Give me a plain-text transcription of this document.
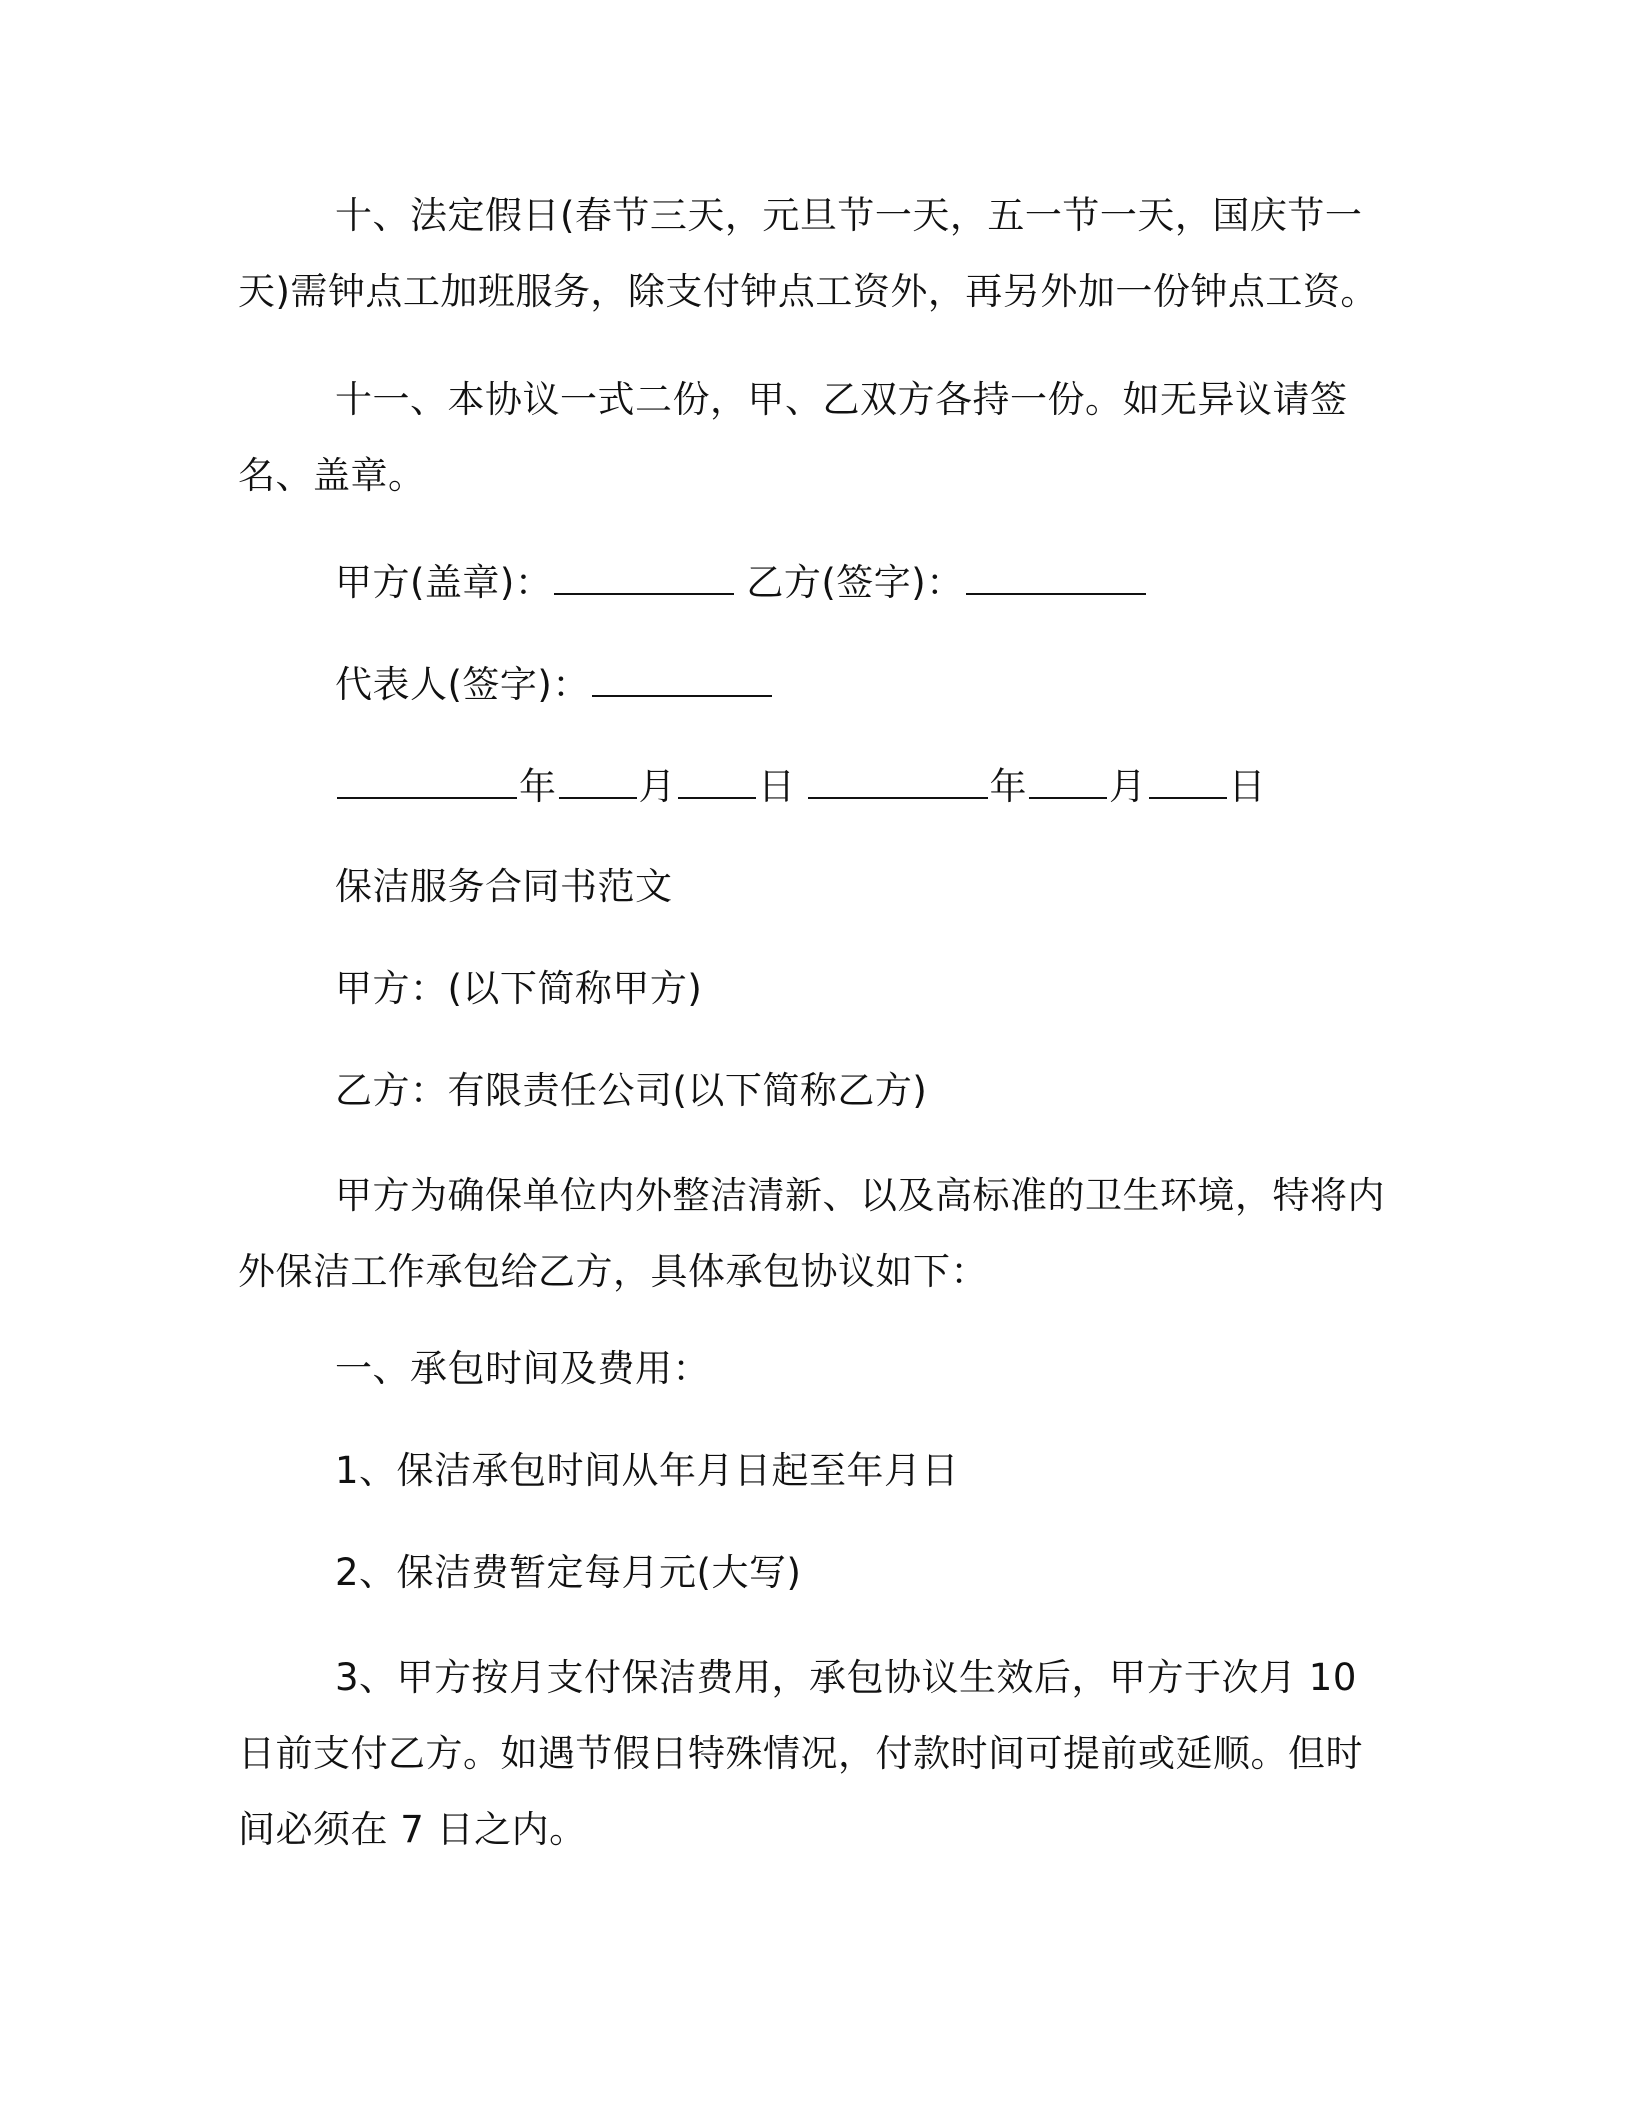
十、法定假日(春节三天，元旦节一天，五一节一天，国庆节一天)需钟点工加班服务，除支付钟点工资外，再另外加一份钟点工资。

十一、本协议一式二份，甲、乙双方各持一份。如无异议请签名、盖章。

甲方(盖章)：	乙方(签字)：
代表人(签字)：
年 月 日	年 月 日
保洁服务合同书范文
甲方：(以下简称甲方)
乙方：有限责任公司(以下简称乙方)

甲方为确保单位内外整洁清新、以及高标准的卫生环境，特将内外保洁工作承包给乙方，具体承包协议如下：

一、承包时间及费用：
1、保洁承包时间从年月日起至年月日
2、保洁费暂定每月元(大写)

3、甲方按月支付保洁费用，承包协议生效后，甲方于次月 10 日前支付乙方。如遇节假日特殊情况，付款时间可提前或延顺。但时间必须在 7 日之内。
